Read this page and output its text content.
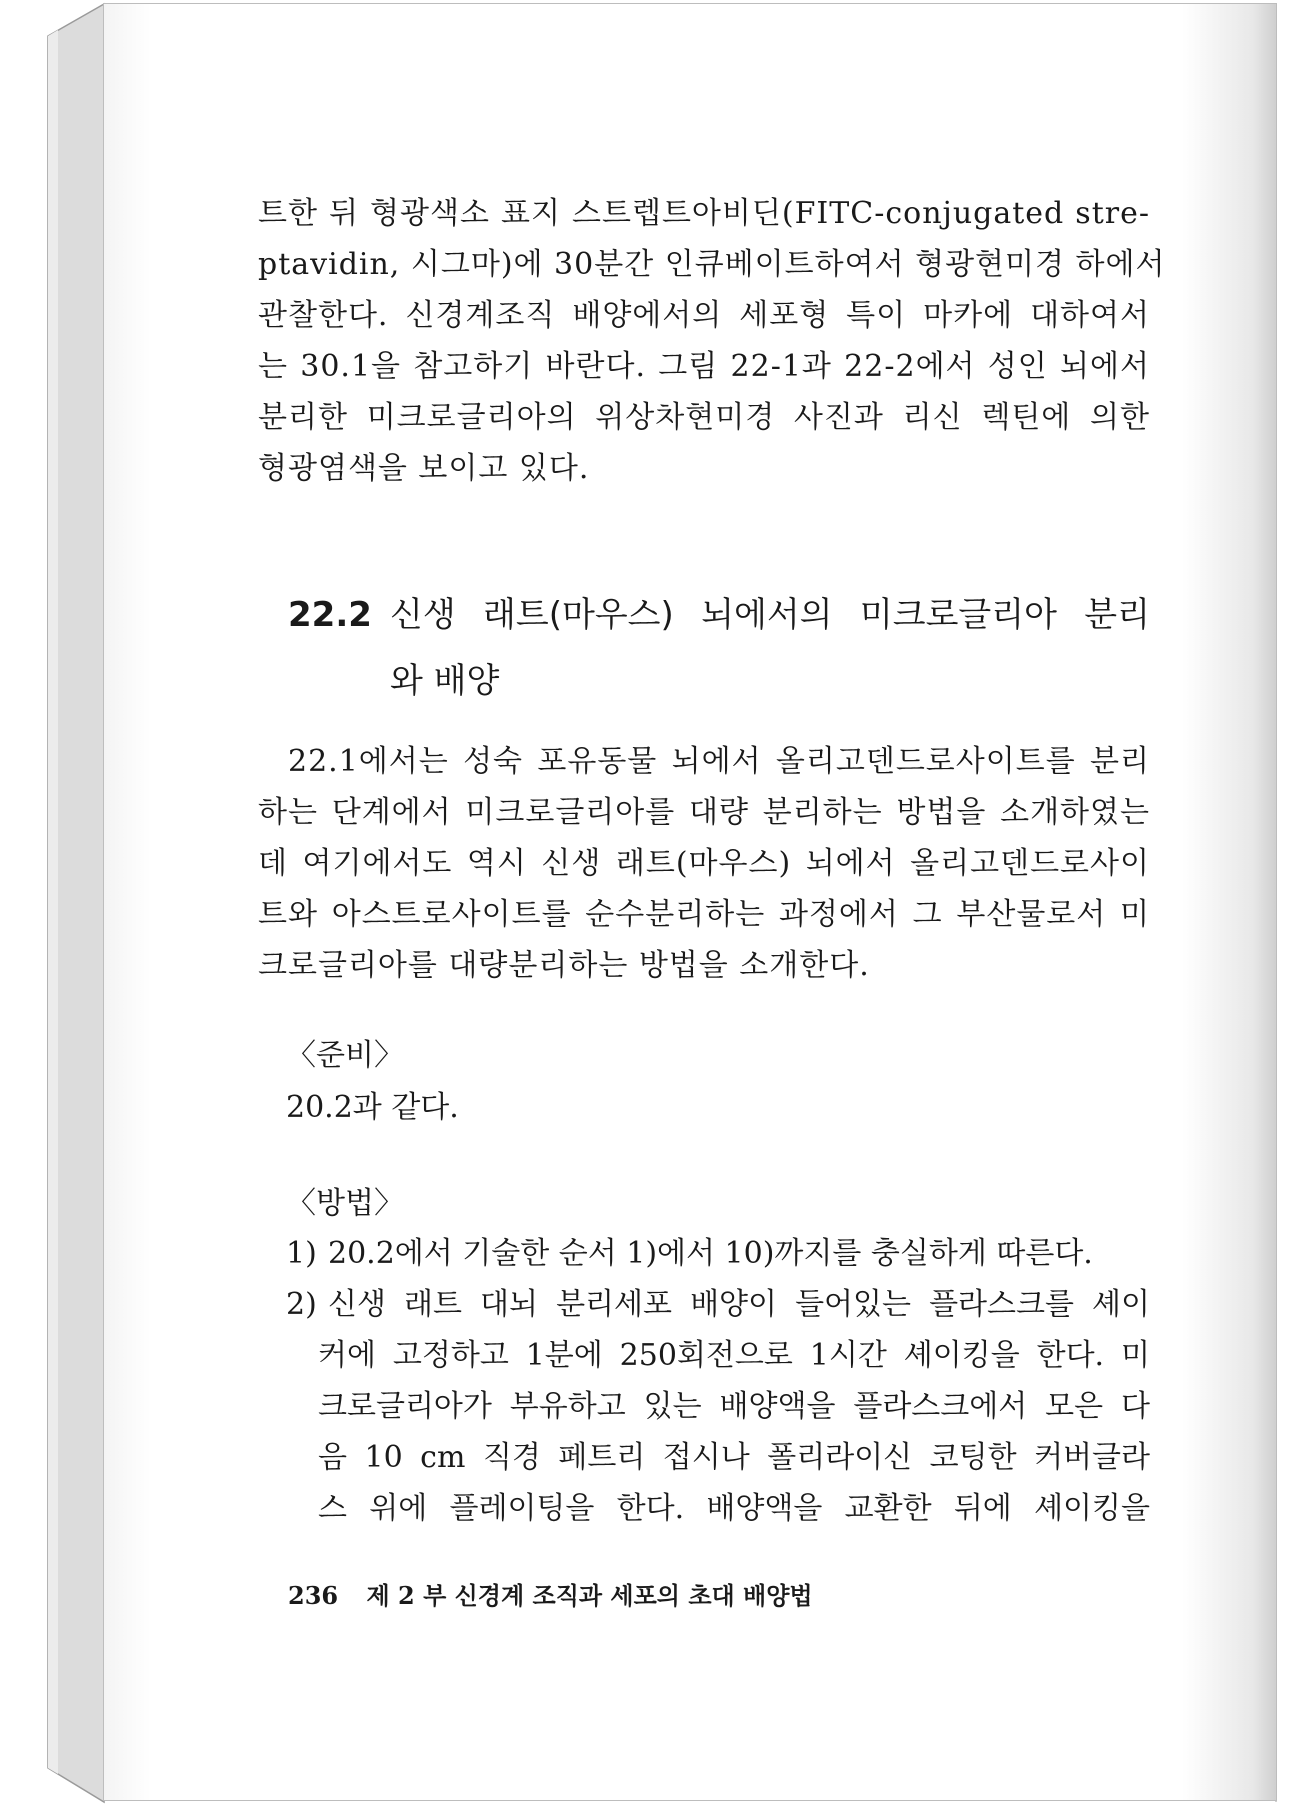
트한 뒤 형광색소 표지 스트렙트아비딘(FITC-conjugated stre-
ptavidin, 시그마)에 30분간 인큐베이트하여서 형광현미경 하에서
관찰한다. 신경계조직 배양에서의 세포형 특이 마카에 대하여서
는 30.1을 참고하기 바란다. 그림 22-1과 22-2에서 성인 뇌에서
분리한 미크로글리아의 위상차현미경 사진과 리신 렉틴에 의한
형광염색을 보이고 있다.
22.2 신생 래트(마우스) 뇌에서의 미크로글리아 분리
와 배양
22.1에서는 성숙 포유동물 뇌에서 올리고덴드로사이트를 분리
하는 단계에서 미크로글리아를 대량 분리하는 방법을 소개하였는
데 여기에서도 역시 신생 래트(마우스) 뇌에서 올리고덴드로사이
트와 아스트로사이트를 순수분리하는 과정에서 그 부산물로서 미
크로글리아를 대량분리하는 방법을 소개한다.
〈준비〉
20.2과 같다.
〈방법〉
1) 20.2에서 기술한 순서 1)에서 10)까지를 충실하게 따른다.
2) 신생 래트 대뇌 분리세포 배양이 들어있는 플라스크를 셰이
커에 고정하고 1분에 250회전으로 1시간 셰이킹을 한다. 미
크로글리아가 부유하고 있는 배양액을 플라스크에서 모은 다
음 10 cm 직경 페트리 접시나 폴리라이신 코팅한 커버글라
스 위에 플레이팅을 한다. 배양액을 교환한 뒤에 셰이킹을
236 제 2 부 신경계 조직과 세포의 초대 배양법
